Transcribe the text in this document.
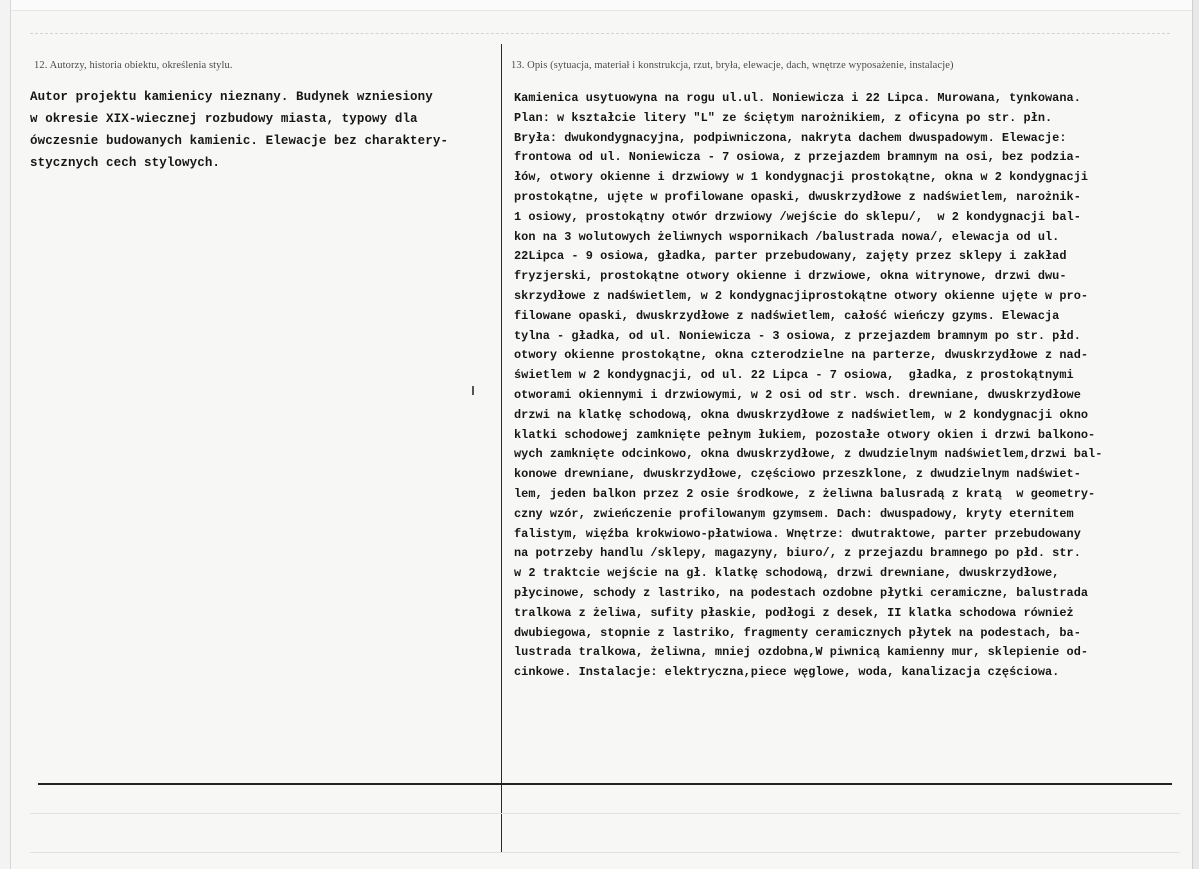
12. Autorzy, historia obiektu, określenia stylu.
Autor projektu kamienicy nieznany. Budynek wzniesiony
w okresie XIX-wiecznej rozbudowy miasta, typowy dla
ówczesnie budowanych kamienic. Elewacje bez charaktery-
stycznych cech stylowych.
13. Opis (sytuacja, materiał i konstrukcja, rzut, bryła, elewacje, dach, wnętrze wyposażenie, instalacje)
Kamienica usytuowyna na rogu ul.ul. Noniewicza i 22 Lipca. Murowana, tynkowana.
Plan: w kształcie litery "L" ze ściętym narożnikiem, z oficyna po str. płn.
Bryła: dwukondygnacyjna, podpiwniczona, nakryta dachem dwuspadowym. Elewacje:
frontowa od ul. Noniewicza - 7 osiowa, z przejazdem bramnym na osi, bez podzia-
łów, otwory okienne i drzwiowy w 1 kondygnacji prostokątne, okna w 2 kondygnacji
prostokątne, ujęte w profilowane opaski, dwuskrzydłowe z nadświetlem, narożnik-
1 osiowy, prostokątny otwór drzwiowy /wejście do sklepu/,  w 2 kondygnacji bal-
kon na 3 wolutowych żeliwnych wspornikach /balustrada nowa/, elewacja od ul.
22Lipca - 9 osiowa, gładka, parter przebudowany, zajęty przez sklepy i zakład
fryzjerski, prostokątne otwory okienne i drzwiowe, okna witrynowe, drzwi dwu-
skrzydłowe z nadświetlem, w 2 kondygnacjiprostokątne otwory okienne ujęte w pro-
filowane opaski, dwuskrzydłowe z nadświetlem, całość wieńczy gzyms. Elewacja
tylna - gładka, od ul. Noniewicza - 3 osiowa, z przejazdem bramnym po str. płd.
otwory okienne prostokątne, okna czterodzielne na parterze, dwuskrzydłowe z nad-
świetlem w 2 kondygnacji, od ul. 22 Lipca - 7 osiowa,  gładka, z prostokątnymi
otworami okiennymi i drzwiowymi, w 2 osi od str. wsch. drewniane, dwuskrzydłowe
drzwi na klatkę schodową, okna dwuskrzydłowe z nadświetlem, w 2 kondygnacji okno
klatki schodowej zamknięte pełnym łukiem, pozostałe otwory okien i drzwi balkono-
wych zamknięte odcinkowo, okna dwuskrzydłowe, z dwudzielnym nadświetlem,drzwi bal-
konowe drewniane, dwuskrzydłowe, częściowo przeszklone, z dwudzielnym nadświet-
lem, jeden balkon przez 2 osie środkowe, z żeliwna balusradą z kratą  w geometry-
czny wzór, zwieńczenie profilowanym gzymsem. Dach: dwuspadowy, kryty eternitem
falistym, więźba krokwiowo-płatwiowa. Wnętrze: dwutraktowe, parter przebudowany
na potrzeby handlu /sklepy, magazyny, biuro/, z przejazdu bramnego po płd. str.
w 2 traktcie wejście na gł. klatkę schodową, drzwi drewniane, dwuskrzydłowe,
płycinowe, schody z lastriko, na podestach ozdobne płytki ceramiczne, balustrada
tralkowa z żeliwa, sufity płaskie, podłogi z desek, II klatka schodowa również
dwubiegowa, stopnie z lastriko, fragmenty ceramicznych płytek na podestach, ba-
lustrada tralkowa, żeliwna, mniej ozdobna,W piwnicą kamienny mur, sklepienie od-
cinkowe. Instalacje: elektryczna,piece węglowe, woda, kanalizacja częściowa.
